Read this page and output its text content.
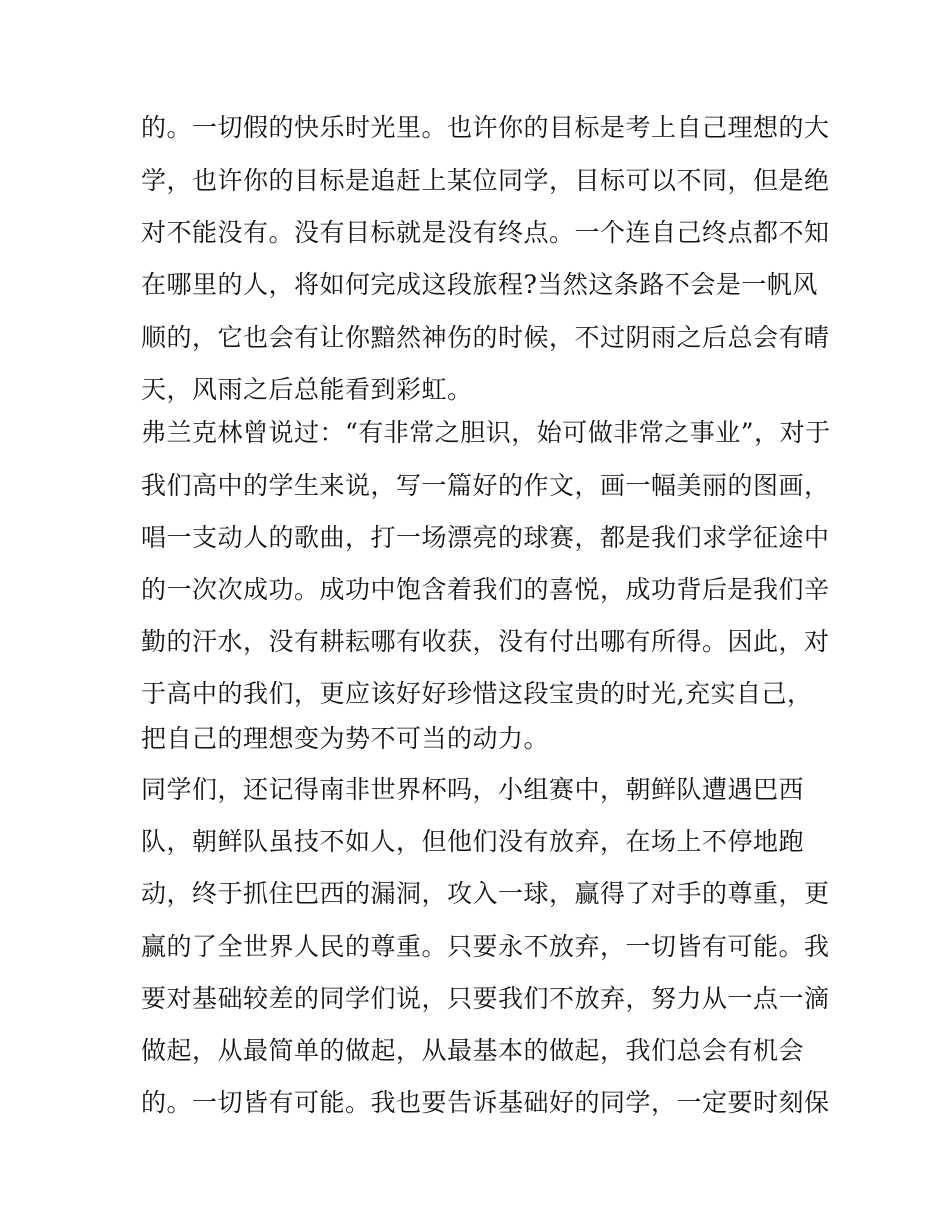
的。一切假的快乐时光里。也许你的目标是考上自己理想的大
学，也许你的目标是追赶上某位同学，目标可以不同，但是绝
对不能没有。没有目标就是没有终点。一个连自己终点都不知
在哪里的人，将如何完成这段旅程?当然这条路不会是一帆风
顺的，它也会有让你黯然神伤的时候，不过阴雨之后总会有晴
天，风雨之后总能看到彩虹。
弗兰克林曾说过：“有非常之胆识，始可做非常之事业”，对于
我们高中的学生来说，写一篇好的作文，画一幅美丽的图画，
唱一支动人的歌曲，打一场漂亮的球赛，都是我们求学征途中
的一次次成功。成功中饱含着我们的喜悦，成功背后是我们辛
勤的汗水，没有耕耘哪有收获，没有付出哪有所得。因此，对
于高中的我们，更应该好好珍惜这段宝贵的时光,充实自己，
把自己的理想变为势不可当的动力。
同学们，还记得南非世界杯吗，小组赛中，朝鲜队遭遇巴西
队，朝鲜队虽技不如人，但他们没有放弃，在场上不停地跑
动，终于抓住巴西的漏洞，攻入一球，赢得了对手的尊重，更
赢的了全世界人民的尊重。只要永不放弃，一切皆有可能。我
要对基础较差的同学们说，只要我们不放弃，努力从一点一滴
做起，从最简单的做起，从最基本的做起，我们总会有机会
的。一切皆有可能。我也要告诉基础好的同学，一定要时刻保
